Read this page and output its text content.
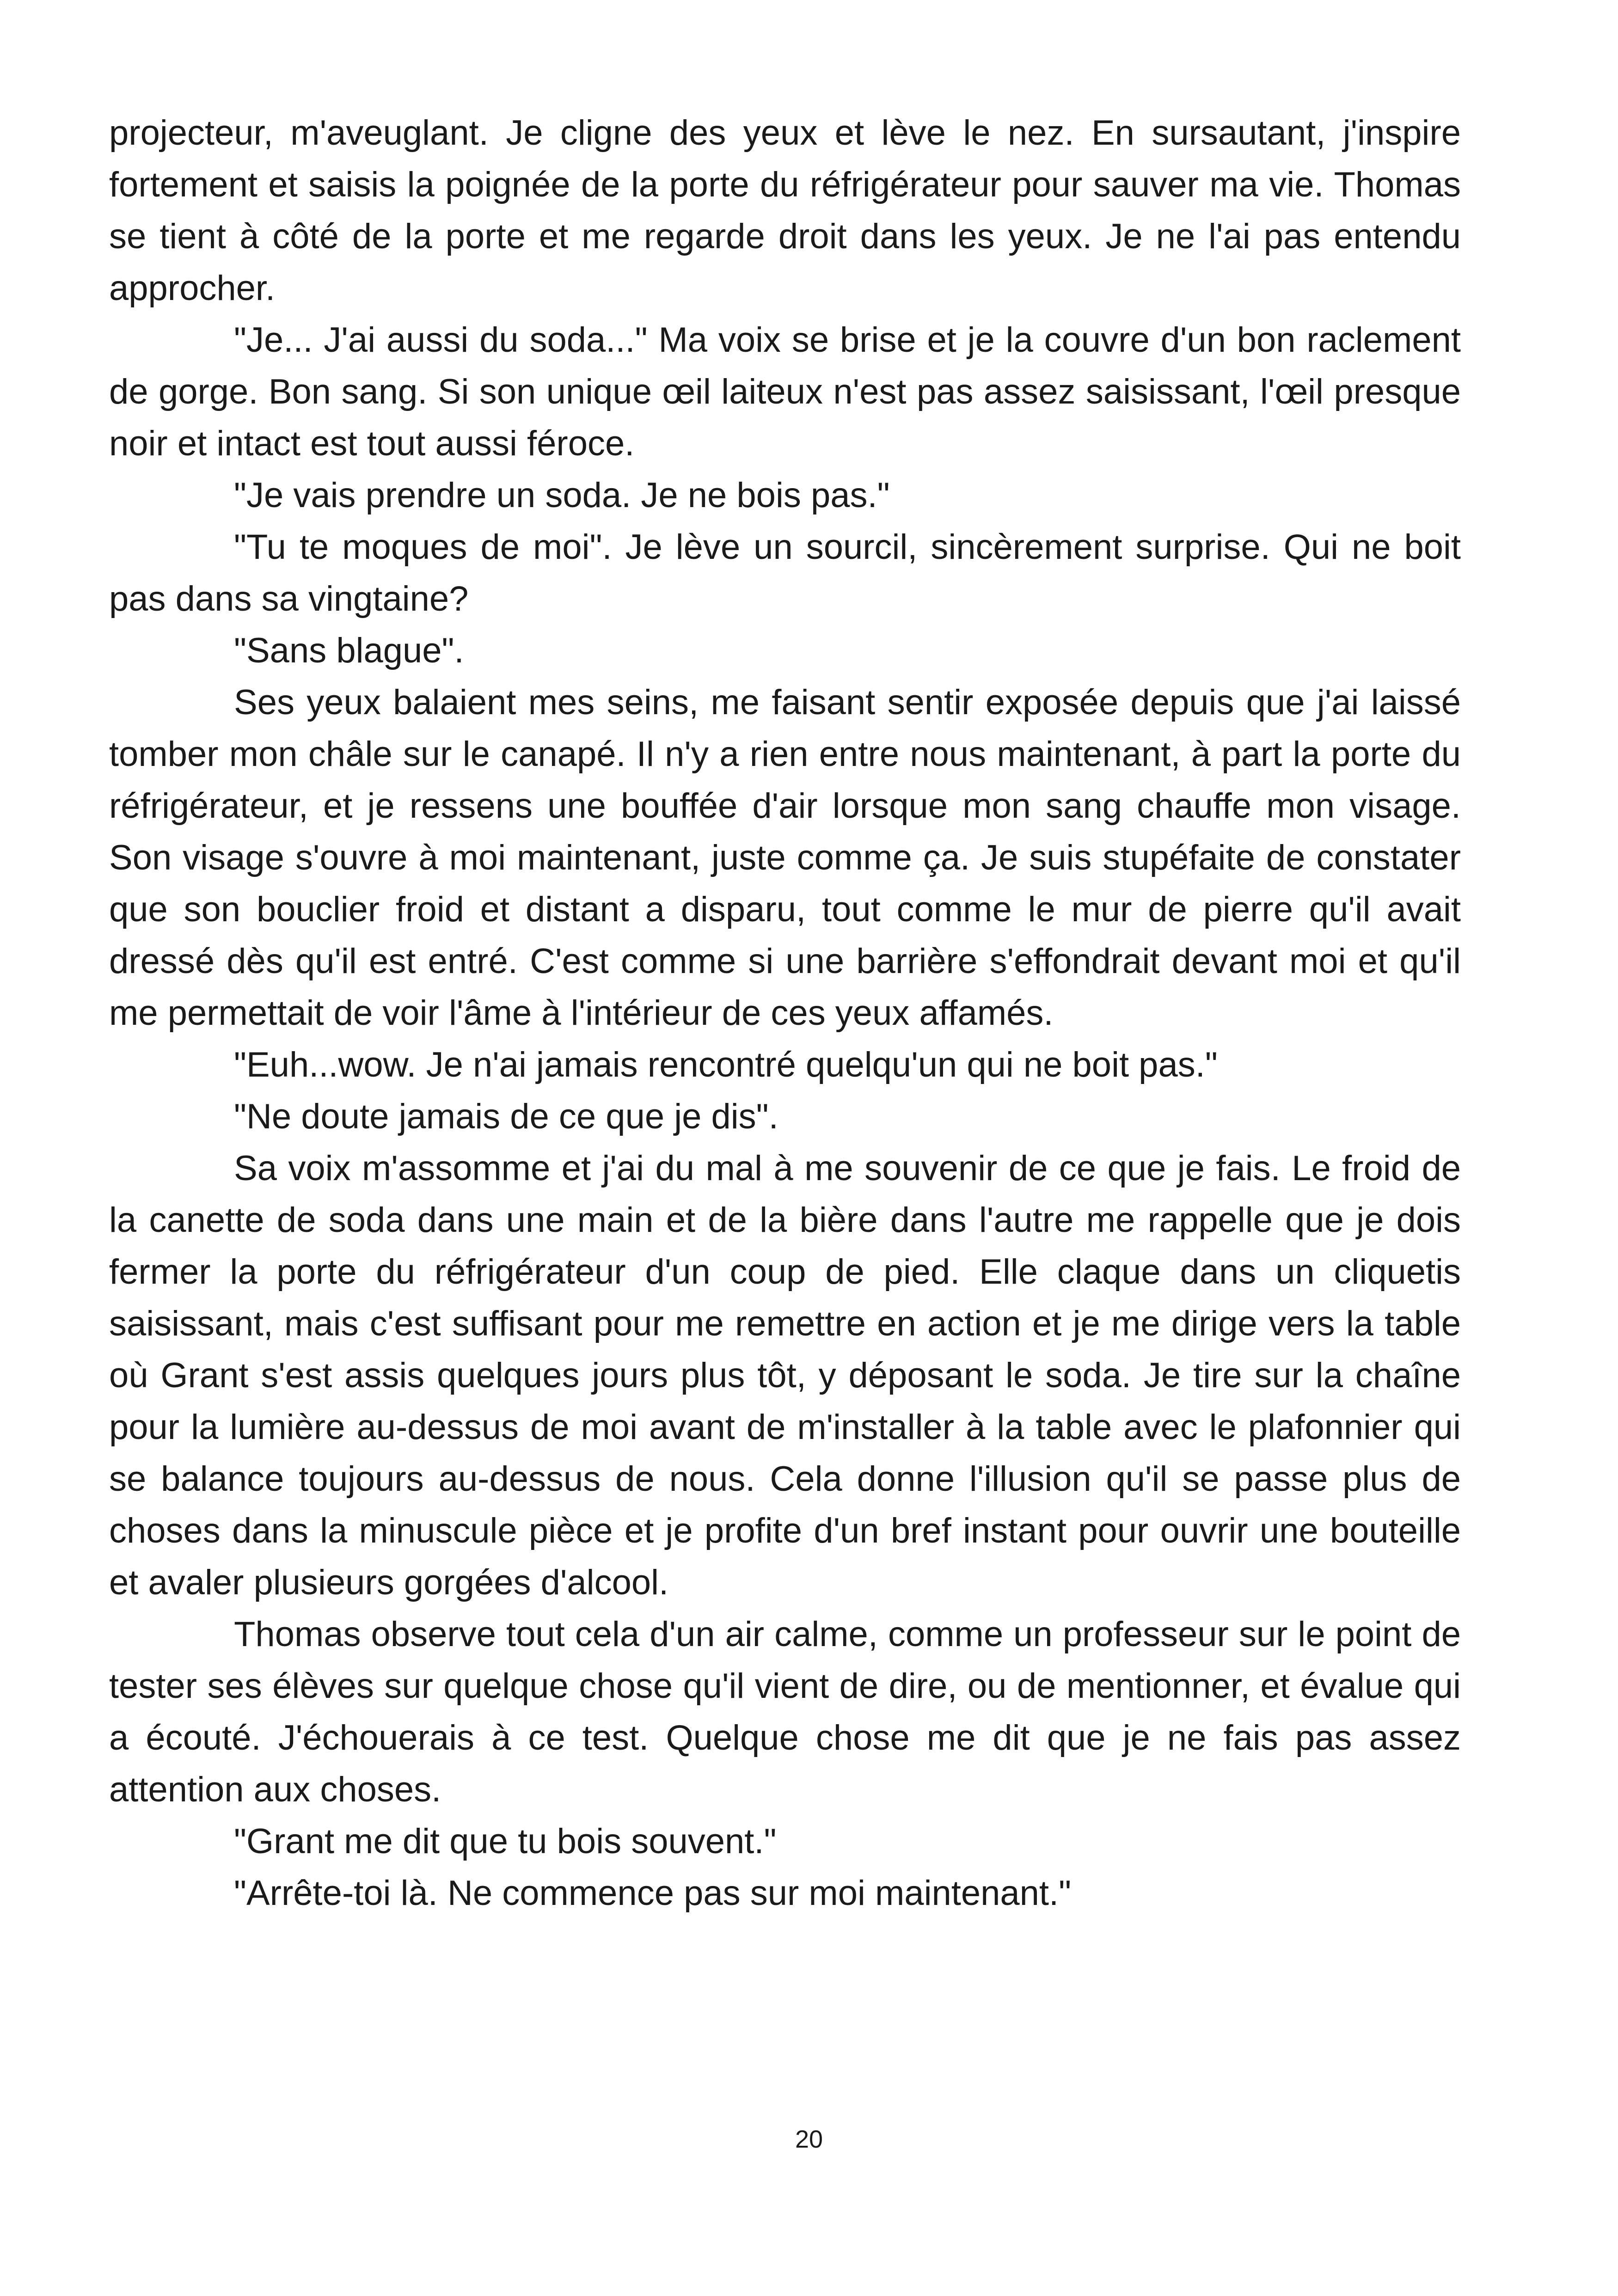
projecteur, m'aveuglant. Je cligne des yeux et lève le nez. En sursautant, j'inspire fortement et saisis la poignée de la porte du réfrigérateur pour sauver ma vie. Thomas se tient à côté de la porte et me regarde droit dans les yeux. Je ne l'ai pas entendu approcher.

"Je... J'ai aussi du soda..." Ma voix se brise et je la couvre d'un bon raclement de gorge. Bon sang. Si son unique œil laiteux n'est pas assez saisissant, l'œil presque noir et intact est tout aussi féroce.

"Je vais prendre un soda. Je ne bois pas."

"Tu te moques de moi". Je lève un sourcil, sincèrement surprise. Qui ne boit pas dans sa vingtaine?

"Sans blague".

Ses yeux balaient mes seins, me faisant sentir exposée depuis que j'ai laissé tomber mon châle sur le canapé. Il n'y a rien entre nous maintenant, à part la porte du réfrigérateur, et je ressens une bouffée d'air lorsque mon sang chauffe mon visage. Son visage s'ouvre à moi maintenant, juste comme ça. Je suis stupéfaite de constater que son bouclier froid et distant a disparu, tout comme le mur de pierre qu'il avait dressé dès qu'il est entré. C'est comme si une barrière s'effondrait devant moi et qu'il me permettait de voir l'âme à l'intérieur de ces yeux affamés.

"Euh...wow. Je n'ai jamais rencontré quelqu'un qui ne boit pas."

"Ne doute jamais de ce que je dis".

Sa voix m'assomme et j'ai du mal à me souvenir de ce que je fais. Le froid de la canette de soda dans une main et de la bière dans l'autre me rappelle que je dois fermer la porte du réfrigérateur d'un coup de pied. Elle claque dans un cliquetis saisissant, mais c'est suffisant pour me remettre en action et je me dirige vers la table où Grant s'est assis quelques jours plus tôt, y déposant le soda. Je tire sur la chaîne pour la lumière au-dessus de moi avant de m'installer à la table avec le plafonnier qui se balance toujours au-dessus de nous. Cela donne l'illusion qu'il se passe plus de choses dans la minuscule pièce et je profite d'un bref instant pour ouvrir une bouteille et avaler plusieurs gorgées d'alcool.

Thomas observe tout cela d'un air calme, comme un professeur sur le point de tester ses élèves sur quelque chose qu'il vient de dire, ou de mentionner, et évalue qui a écouté. J'échouerais à ce test. Quelque chose me dit que je ne fais pas assez attention aux choses.

"Grant me dit que tu bois souvent."

"Arrête-toi là. Ne commence pas sur moi maintenant."

20
